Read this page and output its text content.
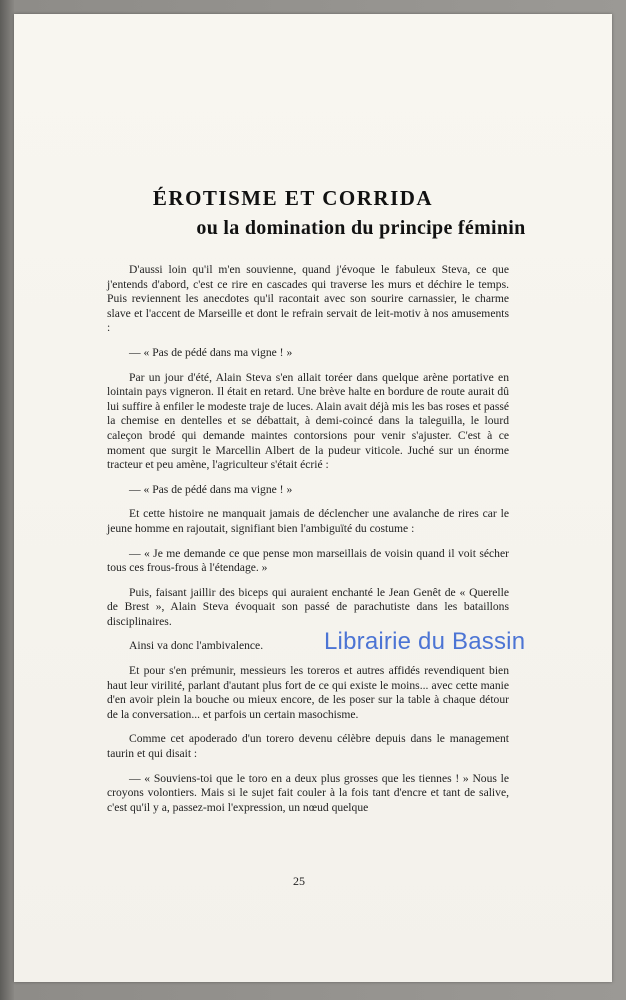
ÉROTISME ET CORRIDA
ou la domination du principe féminin

D'aussi loin qu'il m'en souvienne, quand j'évoque le fabuleux Steva, ce que j'entends d'abord, c'est ce rire en cascades qui traverse les murs et déchire le temps. Puis reviennent les anecdotes qu'il racontait avec son sourire carnassier, le charme slave et l'accent de Marseille et dont le refrain servait de leit-motiv à nos amusements :

— « Pas de pédé dans ma vigne ! »

Par un jour d'été, Alain Steva s'en allait toréer dans quelque arène portative en lointain pays vigneron. Il était en retard. Une brève halte en bordure de route aurait dû lui suffire à enfiler le modeste traje de luces. Alain avait déjà mis les bas roses et passé la chemise en dentelles et se débattait, à demi-coincé dans la taleguilla, le lourd caleçon brodé qui demande maintes contorsions pour venir s'ajuster. C'est à ce moment que surgit le Marcellin Albert de la pudeur viticole. Juché sur un énorme tracteur et peu amène, l'agriculteur s'était écrié :

— « Pas de pédé dans ma vigne ! »

Et cette histoire ne manquait jamais de déclencher une avalanche de rires car le jeune homme en rajoutait, signifiant bien l'ambiguïté du costume :

— « Je me demande ce que pense mon marseillais de voisin quand il voit sécher tous ces frous-frous à l'étendage. »

Puis, faisant jaillir des biceps qui auraient enchanté le Jean Genêt de « Querelle de Brest », Alain Steva évoquait son passé de parachutiste dans les bataillons disciplinaires.

Ainsi va donc l'ambivalence.

Et pour s'en prémunir, messieurs les toreros et autres affidés revendiquent bien haut leur virilité, parlant d'autant plus fort de ce qui existe le moins... avec cette manie d'en avoir plein la bouche ou mieux encore, de les poser sur la table à chaque détour de la conversation... et parfois un certain masochisme.

Comme cet apoderado d'un torero devenu célèbre depuis dans le management taurin et qui disait :

— « Souviens-toi que le toro en a deux plus grosses que les tiennes ! » Nous le croyons volontiers. Mais si le sujet fait couler à la fois tant d'encre et tant de salive, c'est qu'il y a, passez-moi l'expression, un nœud quelque

25
Librairie du Bassin
